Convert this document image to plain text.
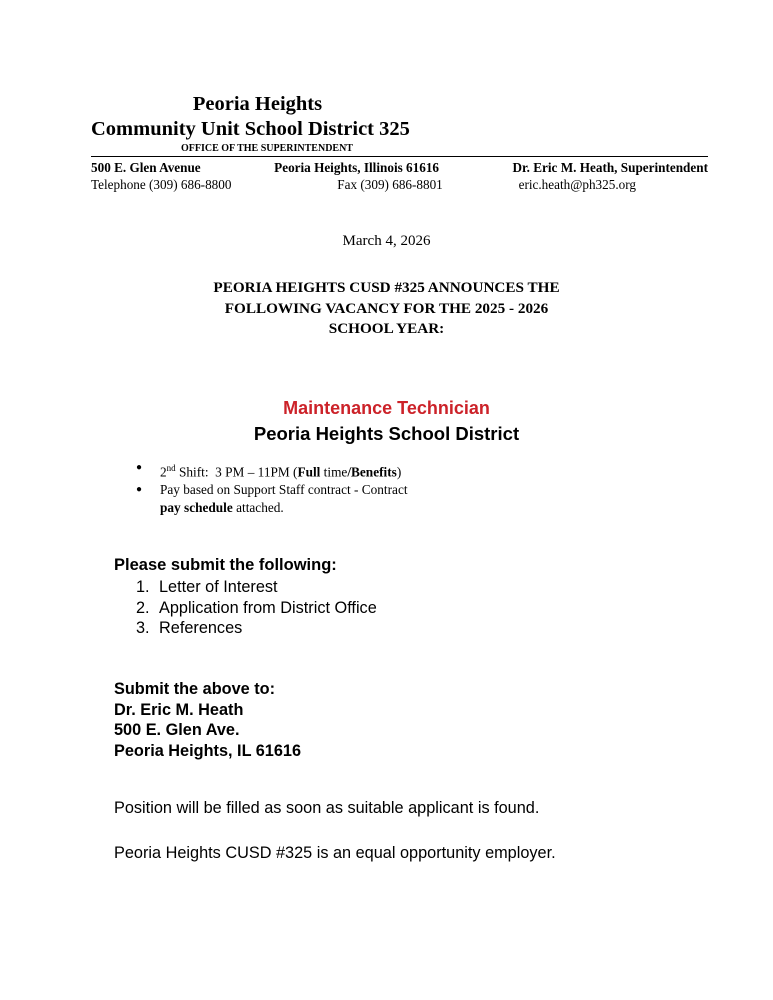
Peoria Heights
Community Unit School District 325
OFFICE OF THE SUPERINTENDENT
500 E. Glen Avenue	Peoria Heights, Illinois 61616	Dr. Eric M. Heath, Superintendent
Telephone (309) 686-8800	Fax (309) 686-8801	eric.heath@ph325.org
March 4, 2026
PEORIA HEIGHTS CUSD #325 ANNOUNCES THE
FOLLOWING VACANCY FOR THE 2025 - 2026
SCHOOL YEAR:
Maintenance Technician
Peoria Heights School District
●	2nd Shift:  3 PM – 11PM (Full time/Benefits)
●	Pay based on Support Staff contract - Contract
pay schedule attached.
Please submit the following:
1. Letter of Interest
2. Application from District Office
3. References
Submit the above to:
Dr. Eric M. Heath
500 E. Glen Ave.
Peoria Heights, IL 61616
Position will be filled as soon as suitable applicant is found.
Peoria Heights CUSD #325 is an equal opportunity employer.
